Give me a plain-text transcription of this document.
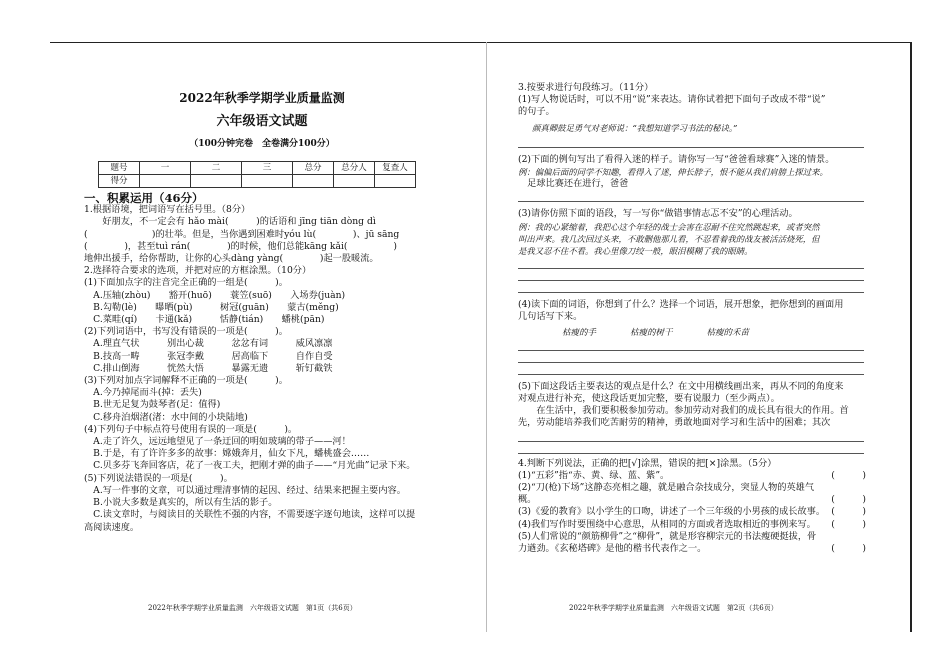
2022年秋季学期学业质量监测
六年级语文试题
（100分钟完卷　全卷满分100分）
题号	一	二	三	总分	总分人	复查人
得分						
一、积累运用（46分）

1.根据语境，把词语写在括号里。（8分）

　　好朋友，不一定会有 hǎo mài(　　　)的话语和 jīng tiān dòng dì

(　　　　　　　)的壮举。但是，当你遇到困难时yóu lù(　　　　)、jū sāng

(　　　　)，甚至tuì rán(　　　　)的时候，他们总能kāng kǎi(　　　　　)

地伸出援手，给你帮助，让你的心头dàng yàng(　　　　)起一股暖流。

2.选择符合要求的选项，并把对应的方框涂黑。（10分）

(1)下面加点字的注音完全正确的一组是(　　　)。

　A.压轴(zhòu)　　豁开(huō)　　蓑笠(suō)　　入场券(juàn)

　B.勾勒(lè)　　曝晒(pù)　　　树冠(guān)　　蒙古(měng)

　C.菜畦(qí)　　卡通(kǎ)　　　恬静(tián)　　蟠桃(pān)

(2)下列词语中，书写没有错误的一项是(　　　)。

　A.理直气状　　　别出心裁　　　忿忿有词　　　威风凛凛

　B.技高一畴　　　张冠李戴　　　居高临下　　　自作自受

　C.排山倒海　　　恍然大悟　　　暴露无遗　　　斩钉截铁

(3)下列对加点字词解释不正确的一项是(　　　)。

　A.今乃掉尾而斗(掉：丢失)

　B.世无足复为鼓琴者(足：值得)

　C.移舟泊烟渚(渚：水中间的小块陆地)

(4)下列句子中标点符号使用有误的一项是(　　　)。

　A.走了许久，远远地望见了一条迂回的明如玻璃的带子——河！

　B.于是，有了许许多多的故事：嫦娥奔月，仙女下凡，蟠桃盛会……

　C.贝多芬飞奔回客店，花了一夜工夫，把刚才弹的曲子——“月光曲”记录下来。

(5)下列说法错误的一项是(　　　)。

　A.写一件事的文章，可以通过理清事情的起因、经过、结果来把握主要内容。

　B.小说大多数是真实的，所以有生活的影子。

　C.读文章时，与阅读目的关联性不强的内容，不需要逐字逐句地读，这样可以提

高阅读速度。

2022年秋季学期学业质量监测　六年级语文试题　第1页（共6页）

3.按要求进行句段练习。（11分）

(1)写人物说话时，可以不用“说”来表达。请你试着把下面句子改成不带“说”

的句子。

颜真卿鼓足勇气对老师说：“我想知道学习书法的秘诀。”

(2)下面的例句写出了看得入迷的样子。请你写一写“爸爸看球赛”入迷的情景。

例：偏偏后面的同学不知趣，看得入了迷，伸长脖子，恨不能从我们肩膀上探过来。

　足球比赛还在进行，爸爸

(3)请你仿照下面的语段，写一写你“做错事情志忑不安”的心理活动。

例：我的心紧缩着，我把心这个年轻的战士会害在忍耐不住究然跳起来，或者突然

叫出声来。我几次回过头来，不敢删他那儿看，不忍看着我的战友被活活烧死，但

是我又忍不住不看。我心里像刀绞一般，眼泪模糊了我的眼睛。

(4)读下面的词语，你想到了什么？选择一个词语，展开想象，把你想到的画面用

几句话写下来。

枯瘦的手	枯瘦的树干	枯瘦的禾苗

(5)下面这段话主要表达的观点是什么？在文中用横线画出来，再从不同的角度来

对观点进行补充，使这段话更加完整，要有说服力（至少两点）。

　　在生活中，我们要积极参加劳动。参加劳动对我们的成长具有很大的作用。首

先，劳动能培养我们吃苦耐劳的精神，勇敢地面对学习和生活中的困难；其次

4.判断下列说法，正确的把[√]涂黑，错误的把[×]涂黑。（5分）

(1)“五彩”指“赤、黄、绿、蓝、紫”。	(　　　)
(2)“刀(枪)下场”这静态亮相之趣，就是融合杂技成分，突显人物的英雄气
概。	(　　　)
(3)《爱的教育》以小学生的口吻，讲述了一个三年级的小男孩的成长故事。 (　　　)
(4)我们写作时要围绕中心意思，从相同的方面或者选取相近的事例来写。 (　　　)
(5)人们常说的“颜筋柳骨”之“柳骨”，就是形容柳宗元的书法瘦硬挺拔，骨
力遒劲。《玄秘塔碑》是他的楷书代表作之一。	(　　　)
2022年秋季学期学业质量监测　六年级语文试题　第2页（共6页）
